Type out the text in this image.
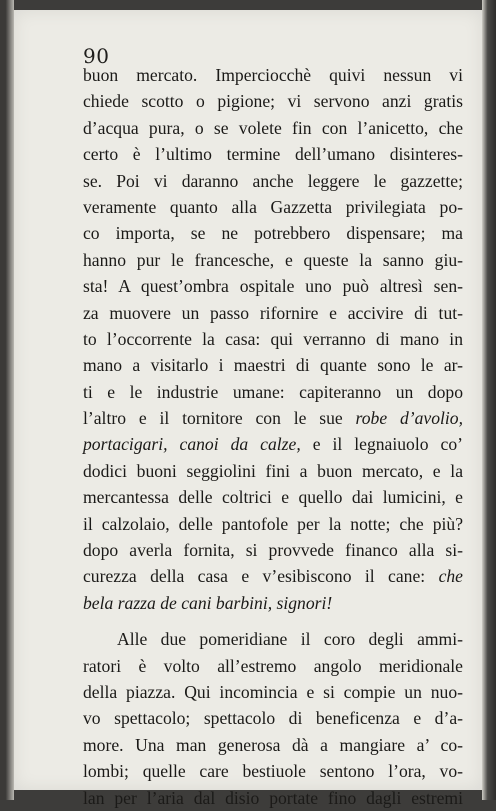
90
buon mercato. Imperciocchè quivi nessun vi
chiede scotto o pigione; vi servono anzi gratis
d’acqua pura, o se volete fin con l’anicetto, che
certo è l’ultimo termine dell’umano disinteres-
se. Poi vi daranno anche leggere le gazzette;
veramente quanto alla Gazzetta privilegiata po-
co importa, se ne potrebbero dispensare; ma
hanno pur le francesche, e queste la sanno giu-
sta! A quest’ombra ospitale uno può altresì sen-
za muovere un passo rifornire e accivire di tut-
to l’occorrente la casa: qui verranno di mano in
mano a visitarlo i maestri di quante sono le ar-
ti e le industrie umane: capiteranno un dopo
l’altro e il tornitore con le sue robe d’avolio,
portacigari, canoi da calze, e il legnaiuolo co’
dodici buoni seggiolini fini a buon mercato, e la
mercantessa delle coltrici e quello dai lumicini, e
il calzolaio, delle pantofole per la notte; che più?
dopo averla fornita, si provvede financo alla si-
curezza della casa e v’esibiscono il cane: che
bela razza de cani barbini, signori!
Alle due pomeridiane il coro degli ammi-
ratori è volto all’estremo angolo meridionale
della piazza. Qui incomincia e si compie un nuo-
vo spettacolo; spettacolo di beneficenza e d’a-
more. Una man generosa dà a mangiare a’ co-
lombi; quelle care bestiuole sentono l’ora, vo-
lan per l’aria dal disio portate fino dagli estremi
